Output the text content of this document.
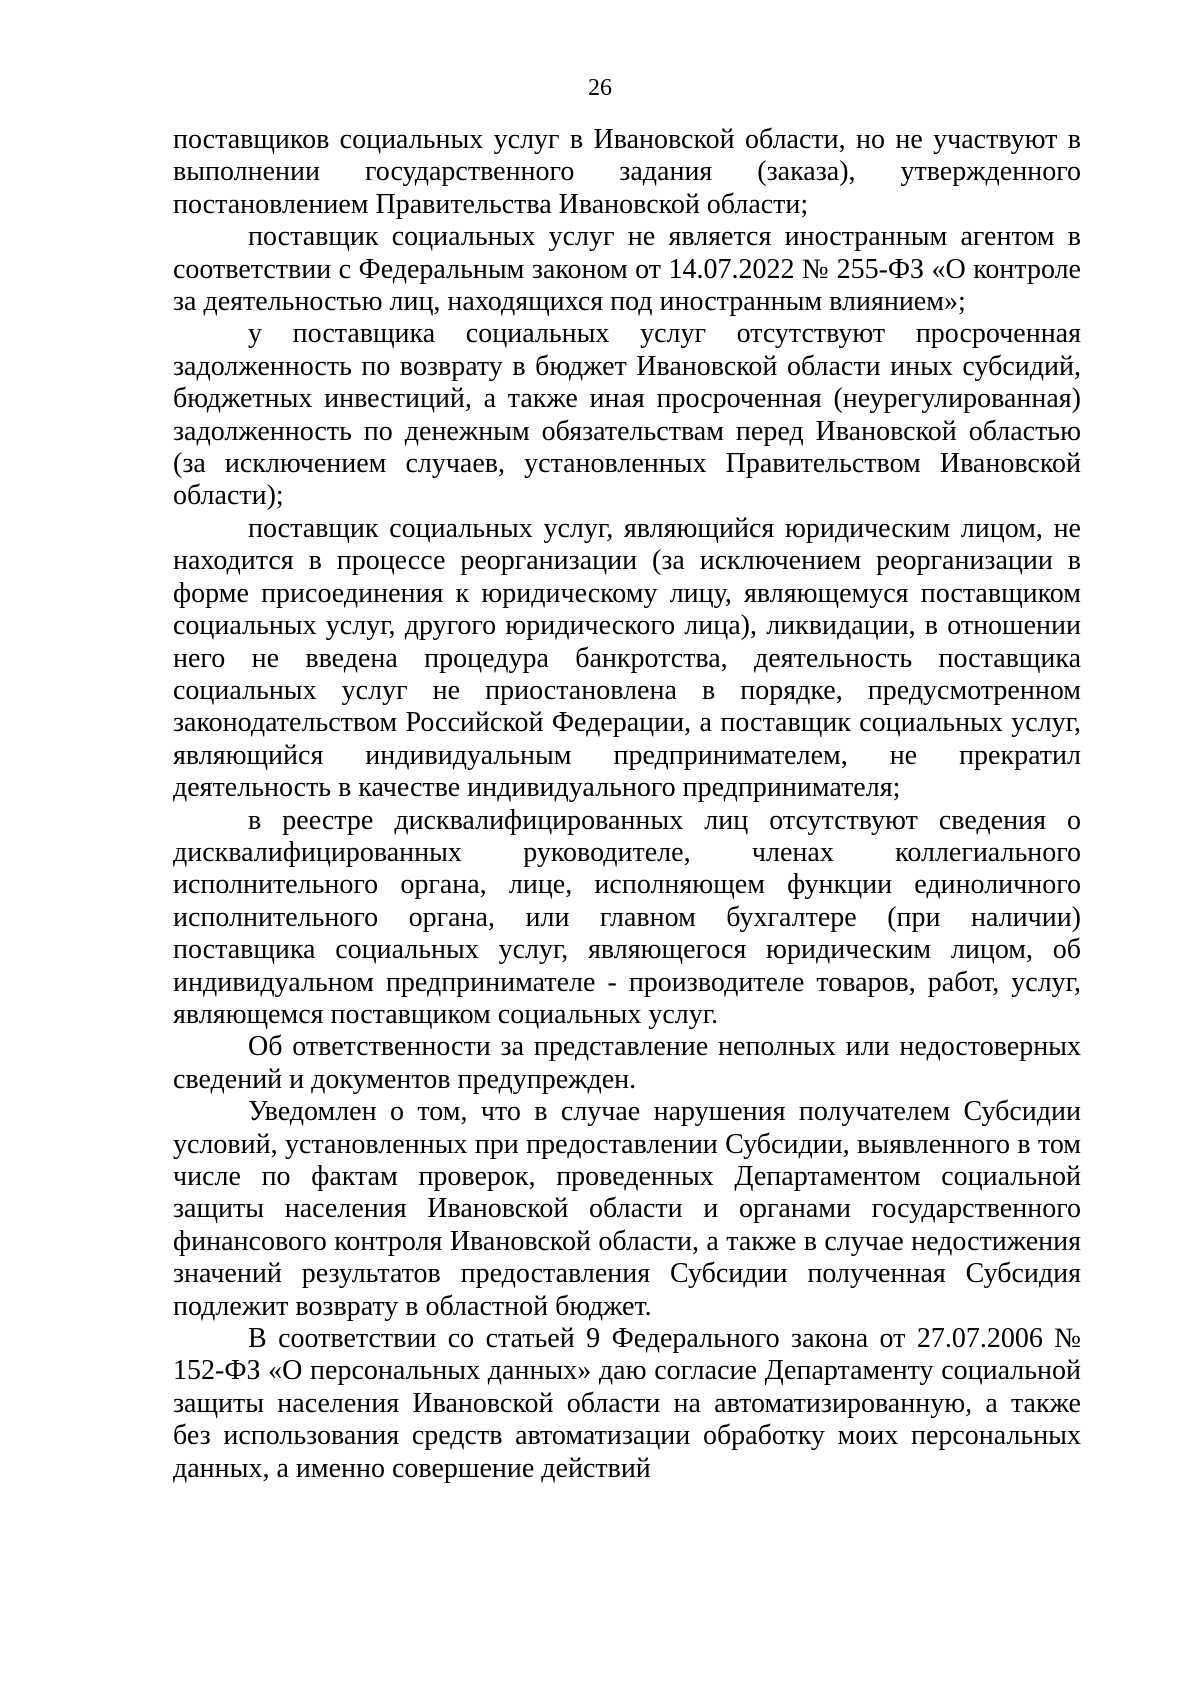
26

поставщиков социальных услуг в Ивановской области, но не участвуют в выполнении государственного задания (заказа), утвержденного постановлением Правительства Ивановской области;

поставщик социальных услуг не является иностранным агентом в соответствии с Федеральным законом от 14.07.2022 № 255-ФЗ «О контроле за деятельностью лиц, находящихся под иностранным влиянием»;

у поставщика социальных услуг отсутствуют просроченная задолженность по возврату в бюджет Ивановской области иных субсидий, бюджетных инвестиций, а также иная просроченная (неурегулированная) задолженность по денежным обязательствам перед Ивановской областью (за исключением случаев, установленных Правительством Ивановской области);

поставщик социальных услуг, являющийся юридическим лицом, не находится в процессе реорганизации (за исключением реорганизации в форме присоединения к юридическому лицу, являющемуся поставщиком социальных услуг, другого юридического лица), ликвидации, в отношении него не введена процедура банкротства, деятельность поставщика социальных услуг не приостановлена в порядке, предусмотренном законодательством Российской Федерации, а поставщик социальных услуг, являющийся индивидуальным предпринимателем, не прекратил деятельность в качестве индивидуального предпринимателя;

в реестре дисквалифицированных лиц отсутствуют сведения о дисквалифицированных руководителе, членах коллегиального исполнительного органа, лице, исполняющем функции единоличного исполнительного органа, или главном бухгалтере (при наличии) поставщика социальных услуг, являющегося юридическим лицом, об индивидуальном предпринимателе - производителе товаров, работ, услуг, являющемся поставщиком социальных услуг.

Об ответственности за представление неполных или недостоверных сведений и документов предупрежден.

Уведомлен о том, что в случае нарушения получателем Субсидии условий, установленных при предоставлении Субсидии, выявленного в том числе по фактам проверок, проведенных Департаментом социальной защиты населения Ивановской области и органами государственного финансового контроля Ивановской области, а также в случае недостижения значений результатов предоставления Субсидии полученная Субсидия подлежит возврату в областной бюджет.

В соответствии со статьей 9 Федерального закона от 27.07.2006 № 152-ФЗ «О персональных данных» даю согласие Департаменту социальной защиты населения Ивановской области на автоматизированную, а также без использования средств автоматизации обработку моих персональных данных, а именно совершение действий
